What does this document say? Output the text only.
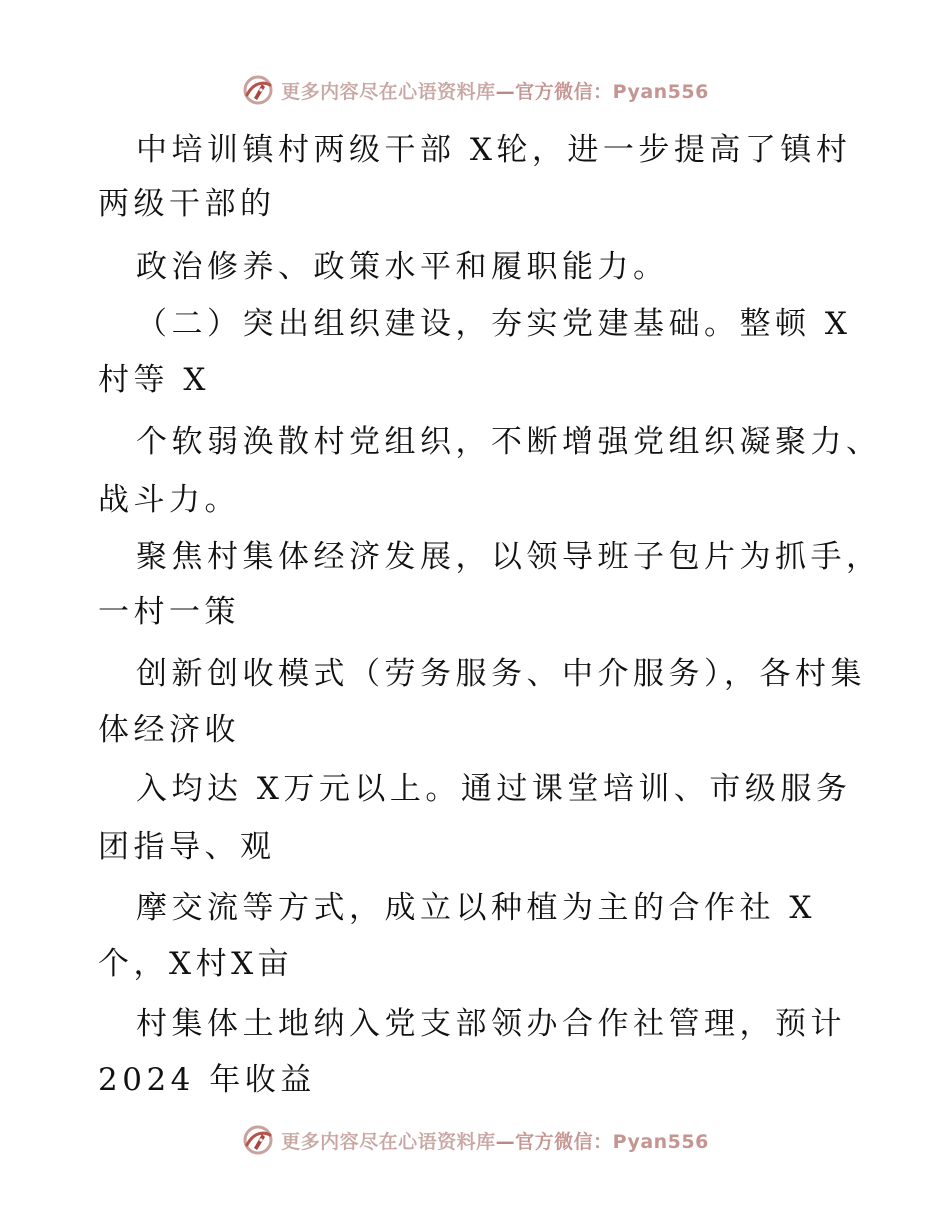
更多内容尽在心语资料库—官方微信：Pyan556
中培训镇村两级干部 X轮，进一步提高了镇村
两级干部的
政治修养、政策水平和履职能力。
（二）突出组织建设，夯实党建基础。整顿 X
村等 X
个软弱涣散村党组织，不断增强党组织凝聚力、
战斗力。
聚焦村集体经济发展，以领导班子包片为抓手，
一村一策
创新创收模式（劳务服务、中介服务），各村集
体经济收
入均达 X万元以上。通过课堂培训、市级服务
团指导、观
摩交流等方式，成立以种植为主的合作社 X
个，X村X亩
村集体土地纳入党支部领办合作社管理，预计
2024 年收益
更多内容尽在心语资料库—官方微信：Pyan556
